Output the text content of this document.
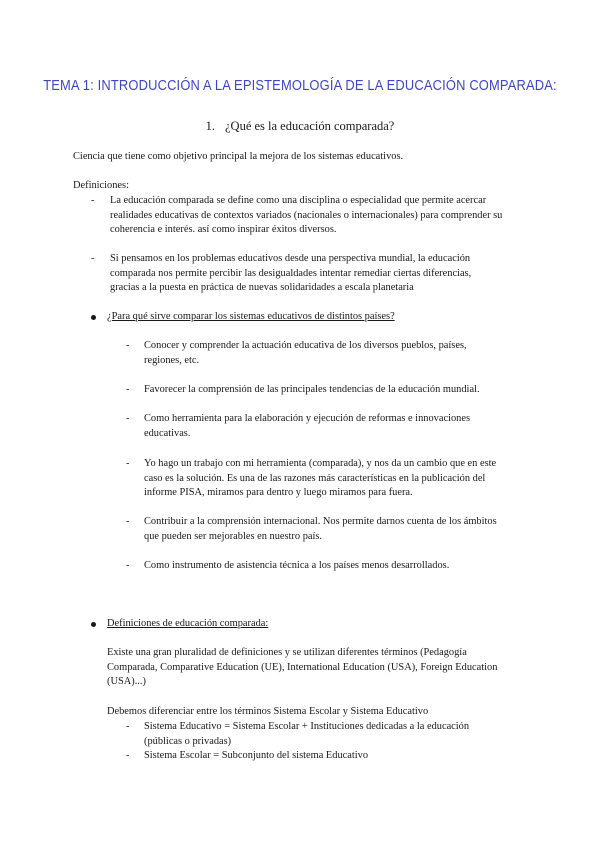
TEMA 1: INTRODUCCIÓN A LA EPISTEMOLOGÍA DE LA EDUCACIÓN COMPARADA:
1. ¿Qué es la educación comparada?
Ciencia que tiene como objetivo principal la mejora de los sistemas educativos.
Definiciones:
- La educación comparada se define como una disciplina o especialidad que permite acercar
realidades educativas de contextos variados (nacionales o internacionales) para comprender su
coherencia e interés. así como inspirar éxitos diversos.
- Si pensamos en los problemas educativos desde una perspectiva mundial, la educación
comparada nos permite percibir las desigualdades intentar remediar ciertas diferencias,
gracias a la puesta en práctica de nuevas solidaridades a escala planetaria
¿Para qué sirve comparar los sistemas educativos de distintos países?
- Conocer y comprender la actuación educativa de los diversos pueblos, países,
regiones, etc.
- Favorecer la comprensión de las principales tendencias de la educación mundial.
- Como herramienta para la elaboración y ejecución de reformas e innovaciones
educativas.
- Yo hago un trabajo con mi herramienta (comparada), y nos da un cambio que en este
caso es la solución. Es una de las razones más características en la publicación del
informe PISA, miramos para dentro y luego miramos para fuera.
- Contribuir a la comprensión internacional. Nos permite darnos cuenta de los ámbitos
que pueden ser mejorables en nuestro país.
- Como instrumento de asistencia técnica a los países menos desarrollados.
Definiciones de educación comparada:
Existe una gran pluralidad de definiciones y se utilizan diferentes términos (Pedagogía
Comparada, Comparative Education (UE), International Education (USA), Foreign Education
(USA)...)
Debemos diferenciar entre los términos Sistema Escolar y Sistema Educativo
- Sistema Educativo = Sistema Escolar + Instituciones dedicadas a la educación
(públicas o privadas)
- Sistema Escolar = Subconjunto del sistema Educativo
